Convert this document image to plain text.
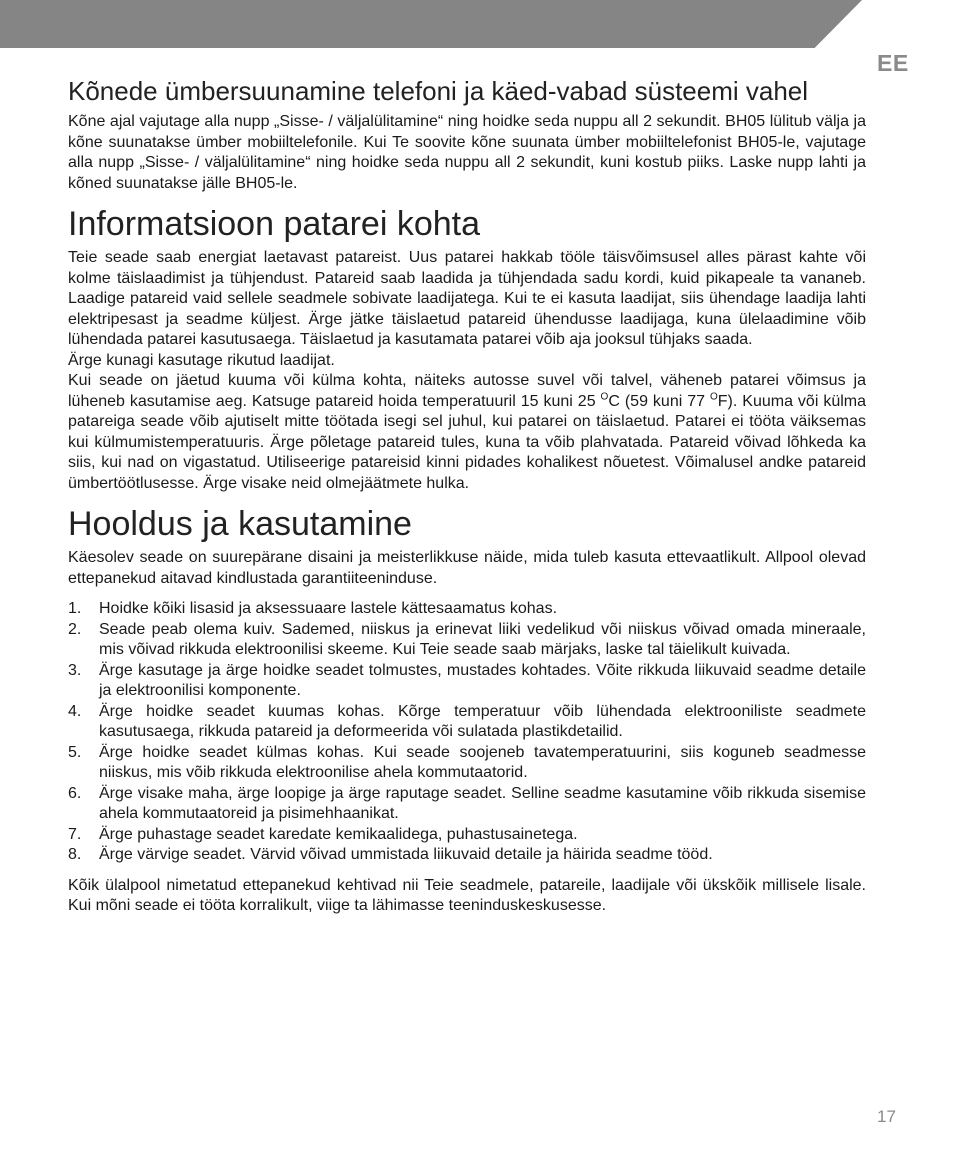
EE
Kõnede ümbersuunamine telefoni ja käed-vabad süsteemi vahel

Kõne ajal vajutage alla nupp „Sisse- / väljalülitamine“ ning hoidke seda nuppu all 2 sekundit. BH05 lülitub välja ja kõne suunatakse ümber mobiiltelefonile. Kui Te soovite kõne suunata ümber mobiiltelefonist BH05-le, vajutage alla nupp „Sisse- / väljalülitamine“ ning hoidke seda nuppu all 2 sekundit, kuni kostub piiks. Laske nupp lahti ja kõned suunatakse jälle BH05-le.

Informatsioon patarei kohta

Teie seade saab energiat laetavast patareist. Uus patarei hakkab tööle täisvõimsusel alles pärast kahte või kolme täislaadimist ja tühjendust. Patareid saab laadida ja tühjendada sadu kordi, kuid pikapeale ta vananeb. Laadige patareid vaid sellele seadmele sobivate laadijatega. Kui te ei kasuta laadijat, siis ühendage laadija lahti elektripesast ja seadme küljest. Ärge jätke täislaetud patareid ühendusse laadijaga, kuna ülelaadimine võib lühendada patarei kasutusaega. Täislaetud ja kasutamata patarei võib aja jooksul tühjaks saada.

Ärge kunagi kasutage rikutud laadijat.

Kui seade on jäetud kuuma või külma kohta, näiteks autosse suvel või talvel, väheneb patarei võimsus ja lüheneb kasutamise aeg. Katsuge patareid hoida temperatuuril 15 kuni 25 $^O$C (59 kuni 77 $^O$F). Kuuma või külma patareiga seade võib ajutiselt mitte töötada isegi sel juhul, kui patarei on täislaetud. Patarei ei tööta väiksemas kui külmumistemperatuuris. Ärge põletage patareid tules, kuna ta võib plahvatada. Patareid võivad lõhkeda ka siis, kui nad on vigastatud. Utiliseerige patareisid kinni pidades kohalikest nõuetest. Võimalusel andke patareid ümbertöötlusesse. Ärge visake neid olmejäätmete hulka.

Hooldus ja kasutamine

Käesolev seade on suurepärane disaini ja meisterlikkuse näide, mida tuleb kasuta ettevaatlikult. Allpool olevad ettepanekud aitavad kindlustada garantiiteeninduse.

1.	Hoidke kõiki lisasid ja aksessuaare lastele kättesaamatus kohas.
2.	Seade peab olema kuiv. Sademed, niiskus ja erinevat liiki vedelikud või niiskus võivad omada mineraale, mis võivad rikkuda elektroonilisi skeeme. Kui Teie seade saab märjaks, laske tal täielikult kuivada.
3.	Ärge kasutage ja ärge hoidke seadet tolmustes, mustades kohtades. Võite rikkuda liikuvaid seadme detaile ja elektroonilisi komponente.
4.	Ärge hoidke seadet kuumas kohas. Kõrge temperatuur võib lühendada elektrooniliste seadmete kasutusaega, rikkuda patareid ja deformeerida või sulatada plastikdetailid.
5.	Ärge hoidke seadet külmas kohas. Kui seade soojeneb tavatemperatuurini, siis koguneb seadmesse niiskus, mis võib rikkuda elektroonilise ahela kommutaatorid.
6.	Ärge visake maha, ärge loopige ja ärge raputage seadet. Selline seadme kasutamine võib rikkuda sisemise ahela kommutaatoreid ja pisimehhaanikat.
7.	Ärge puhastage seadet karedate kemikaalidega, puhastusainetega.
8.	Ärge värvige seadet. Värvid võivad ummistada liikuvaid detaile ja häirida seadme tööd.

Kõik ülalpool nimetatud ettepanekud kehtivad nii Teie seadmele, patareile, laadijale või ükskõik millisele lisale. Kui mõni seade ei tööta korralikult, viige ta lähimasse teeninduskeskusesse.

17
